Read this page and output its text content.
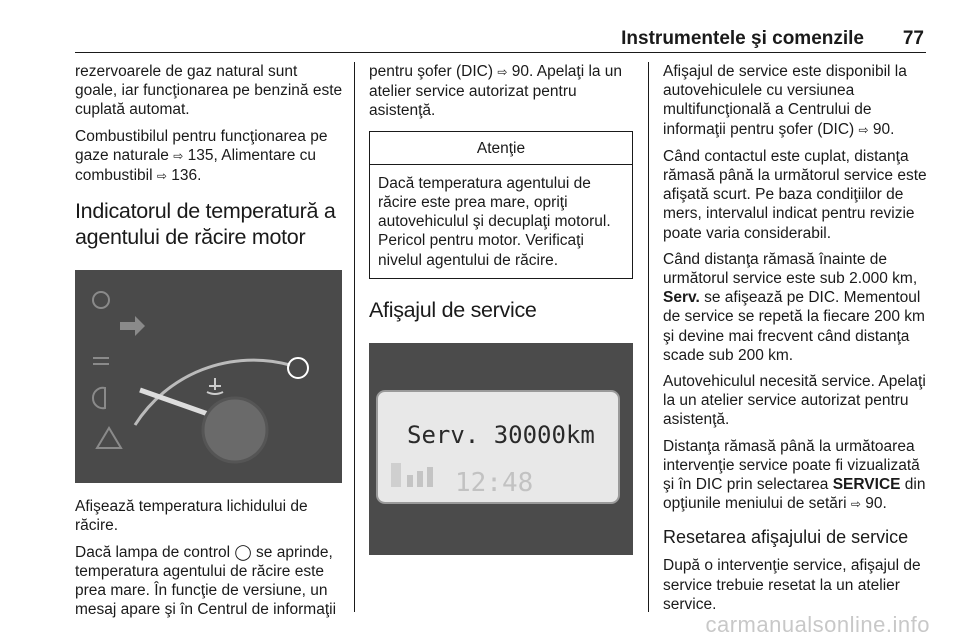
Instrumentele şi comenzile 77

rezervoarele de gaz natural sunt goale, iar funcţionarea pe benzină este cuplată automat.

Combustibilul pentru funcţionarea pe gaze naturale ⇨ 135, Alimentare cu combustibil ⇨ 136.

Indicatorul de temperatură a agentului de răcire motor

Afişează temperatura lichidului de răcire.

Dacă lampa de control ◯ se aprinde, temperatura agentului de răcire este prea mare. În funcţie de versiune, un mesaj apare şi în Centrul de informaţii

pentru şofer (DIC) ⇨ 90. Apelaţi la un atelier service autorizat pentru asistenţă.

Atenţie
Dacă temperatura agentului de răcire este prea mare, opriţi autovehiculul şi decuplaţi motorul. Pericol pentru motor. Verificaţi nivelul agentului de răcire.
Afişajul de service
Serv. 30000km
12:48

Afişajul de service este disponibil la autovehiculele cu versiunea multifuncţională a Centrului de informaţii pentru şofer (DIC) ⇨ 90.

Când contactul este cuplat, distanţa rămasă până la următorul service este afişată scurt. Pe baza condiţiilor de mers, intervalul indicat pentru revizie poate varia considerabil.

Când distanţa rămasă înainte de următorul service este sub 2.000 km, Serv. se afişează pe DIC. Mementoul de service se repetă la fiecare 200 km şi devine mai frecvent când distanţa scade sub 200 km.

Autovehiculul necesită service. Apelaţi la un atelier service autorizat pentru asistenţă.

Distanţa rămasă până la următoarea intervenţie service poate fi vizualizată şi în DIC prin selectarea SERVICE din opţiunile meniului de setări ⇨ 90.

Resetarea afişajului de service

După o intervenţie service, afişajul de service trebuie resetat la un atelier service.

carmanualsonline.info
